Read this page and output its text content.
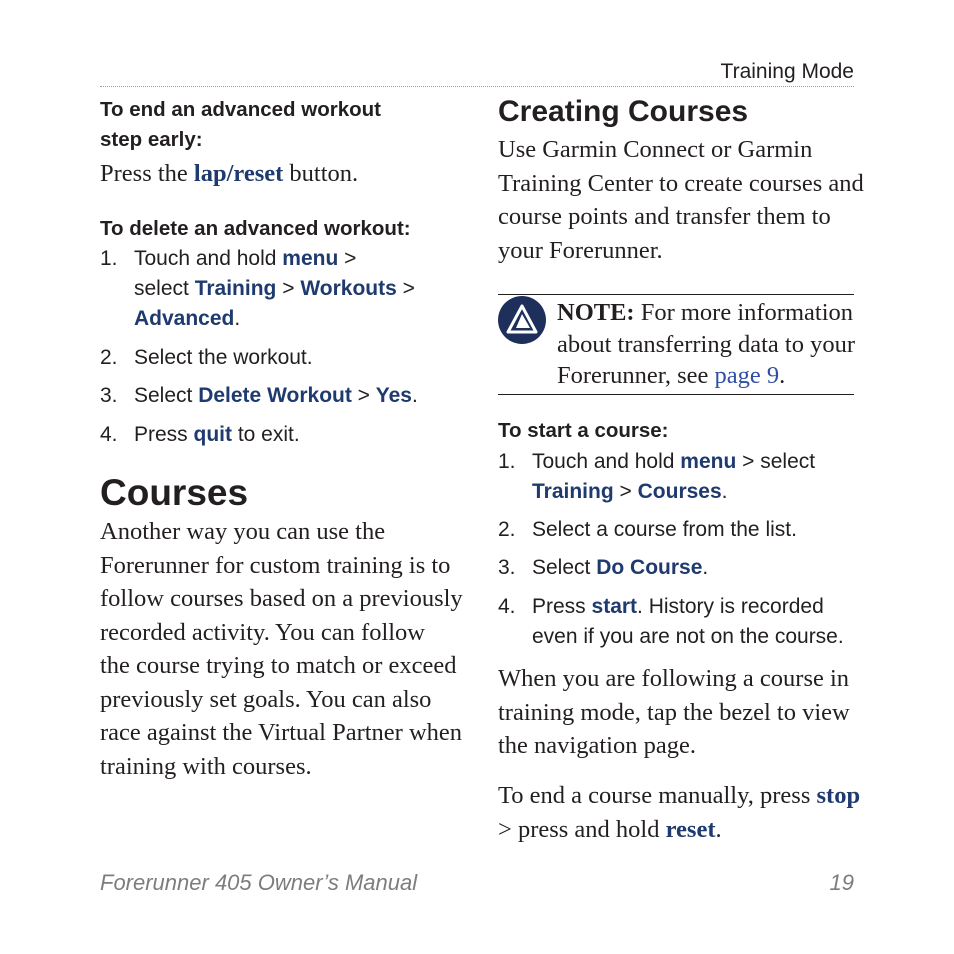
Training Mode
To end an advanced workout
step early:
Press the lap/reset button.
To delete an advanced workout:
1. Touch and hold menu >
select Training > Workouts >
Advanced.
2. Select the workout.
3. Select Delete Workout > Yes.
4. Press quit to exit.
Courses
Another way you can use the
Forerunner for custom training is to
follow courses based on a previously
recorded activity. You can follow
the course trying to match or exceed
previously set goals. You can also
race against the Virtual Partner when
training with courses.
Creating Courses
Use Garmin Connect or Garmin
Training Center to create courses and
course points and transfer them to
your Forerunner.
NOTE: For more information
about transferring data to your
Forerunner, see page 9.
To start a course:
1. Touch and hold menu > select
Training > Courses.
2. Select a course from the list.
3. Select Do Course.
4. Press start. History is recorded
even if you are not on the course.
When you are following a course in
training mode, tap the bezel to view
the navigation page.
To end a course manually, press stop
> press and hold reset.
Forerunner 405 Owner’s Manual	19
